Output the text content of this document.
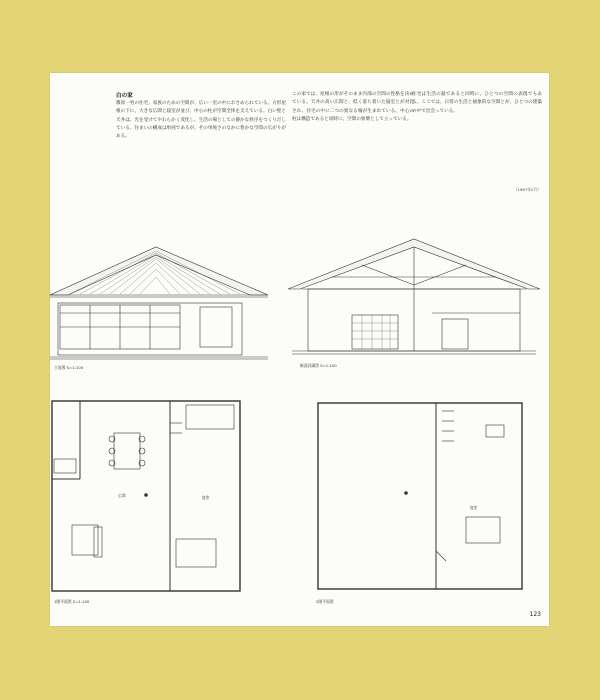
白の家
篠原一男の住宅。家族のための空間が、広い一室の中におさめられている。方形屋根の下に、大きな広間と寝室が並び、中心の柱が空間全体を支えている。白い壁と天井は、光を受けてやわらかく変化し、生活の場としての静かな秩序をつくりだしている。住まいの構成は単純であるが、その単純さのなかに豊かな空間の広がりがある。
この家では、屋根の形がそのまま内部の空間の性格を決めている。天井の高い広間と、低く落ち着いた寝室とが対比され、住宅の中に二つの異なる場が生まれている。中心の柱は構造であると同時に、空間の象徴として立っている。
住宅は生活の器であると同時に、ひとつの空間の表現でもある。ここでは、日常の生活と抽象的な空間とが、ひとつの建築の中で出会っている。
（1967年2月）
立面図 S=1:100	断面詳細図 S=1:100
広間	寝室
1階平面図 S=1:100
寝室
2階平面図
123
